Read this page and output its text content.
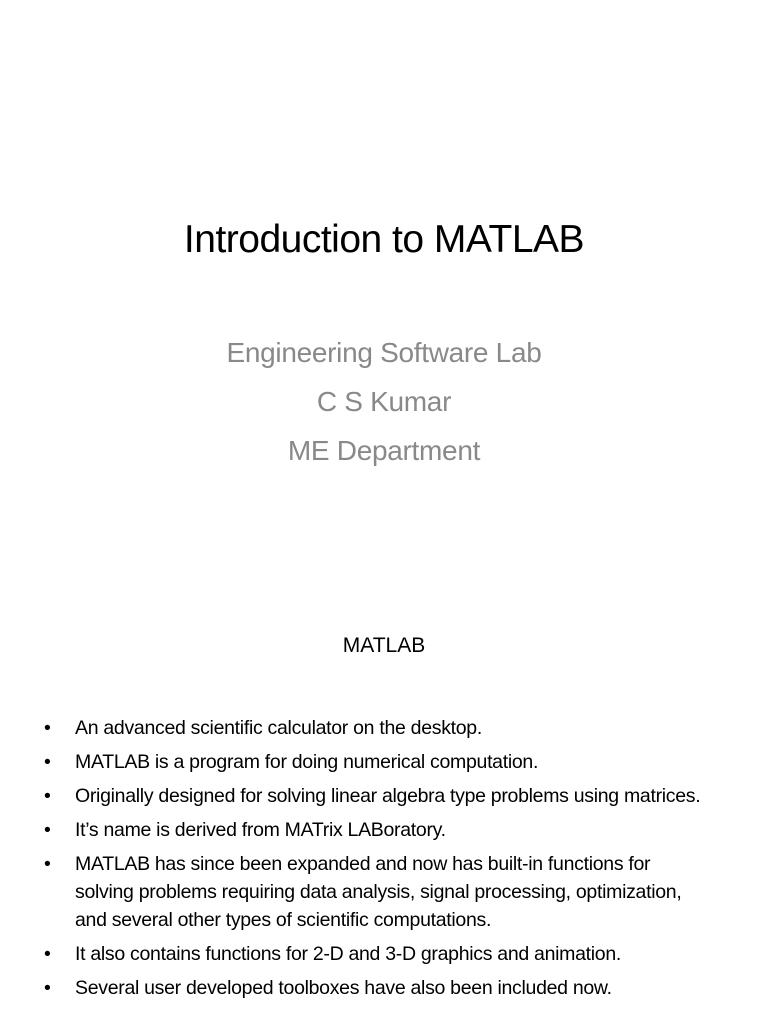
Introduction to MATLAB
Engineering Software Lab
C S Kumar
ME Department
MATLAB
• An advanced scientific calculator on the desktop.
• MATLAB is a program for doing numerical computation.
• Originally designed for solving linear algebra type problems using matrices.
• It’s name is derived from MATrix LABoratory.
• MATLAB has since been expanded and now has built-in functions for solving problems requiring data analysis, signal processing, optimization, and several other types of scientific computations.
• It also contains functions for 2-D and 3-D graphics and animation.
• Several user developed toolboxes have also been included now.
